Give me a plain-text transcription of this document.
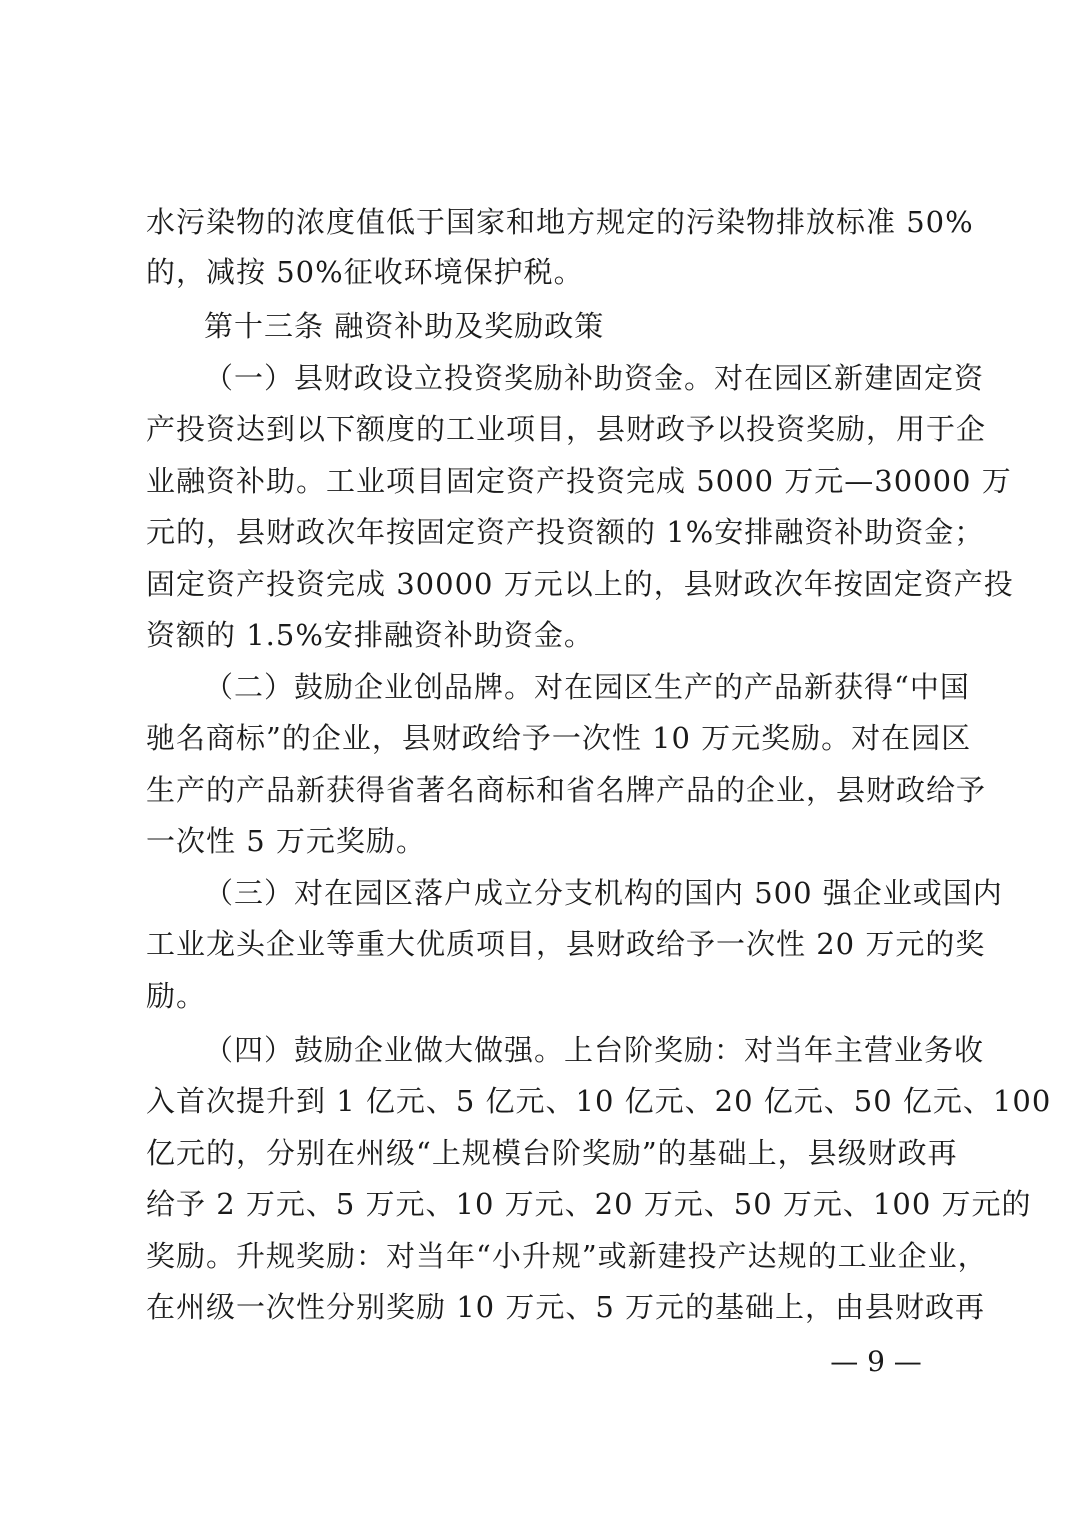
水污染物的浓度值低于国家和地方规定的污染物排放标准 50%
的，减按 50%征收环境保护税。
第十三条 融资补助及奖励政策
（一）县财政设立投资奖励补助资金。对在园区新建固定资
产投资达到以下额度的工业项目，县财政予以投资奖励，用于企
业融资补助。工业项目固定资产投资完成 5000 万元—30000 万
元的，县财政次年按固定资产投资额的 1%安排融资补助资金；
固定资产投资完成 30000 万元以上的，县财政次年按固定资产投
资额的 1.5%安排融资补助资金。
（二）鼓励企业创品牌。对在园区生产的产品新获得“中国
驰名商标”的企业，县财政给予一次性 10 万元奖励。对在园区
生产的产品新获得省著名商标和省名牌产品的企业，县财政给予
一次性 5 万元奖励。
（三）对在园区落户成立分支机构的国内 500 强企业或国内
工业龙头企业等重大优质项目，县财政给予一次性 20 万元的奖
励。
（四）鼓励企业做大做强。上台阶奖励：对当年主营业务收
入首次提升到 1 亿元、5 亿元、10 亿元、20 亿元、50 亿元、100
亿元的，分别在州级“上规模台阶奖励”的基础上，县级财政再
给予 2 万元、5 万元、10 万元、20 万元、50 万元、100 万元的
奖励。升规奖励：对当年“小升规”或新建投产达规的工业企业，
在州级一次性分别奖励 10 万元、5 万元的基础上，由县财政再
— 9 —
